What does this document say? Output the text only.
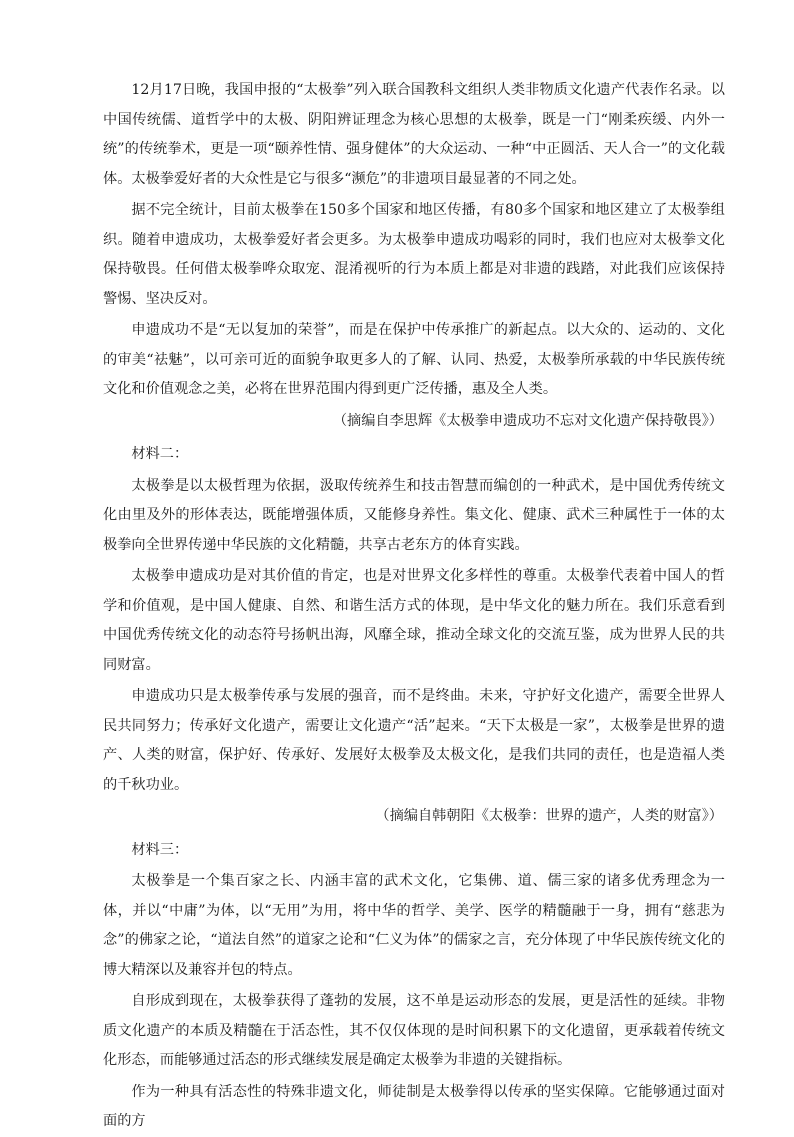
12月17日晚，我国申报的“太极拳”列入联合国教科文组织人类非物质文化遗产代表作名录。以中国传统儒、道哲学中的太极、阴阳辨证理念为核心思想的太极拳，既是一门“刚柔疾缓、内外一统”的传统拳术，更是一项“颐养性情、强身健体”的大众运动、一种“中正圆活、天人合一”的文化载体。太极拳爱好者的大众性是它与很多“濒危”的非遗项目最显著的不同之处。

据不完全统计，目前太极拳在150多个国家和地区传播，有80多个国家和地区建立了太极拳组织。随着申遗成功，太极拳爱好者会更多。为太极拳申遗成功喝彩的同时，我们也应对太极拳文化保持敬畏。任何借太极拳哗众取宠、混淆视听的行为本质上都是对非遗的践踏，对此我们应该保持警惕、坚决反对。

申遗成功不是“无以复加的荣誉”，而是在保护中传承推广的新起点。以大众的、运动的、文化的审美“祛魅”，以可亲可近的面貌争取更多人的了解、认同、热爱，太极拳所承载的中华民族传统文化和价值观念之美，必将在世界范围内得到更广泛传播，惠及全人类。

（摘编自李思辉《太极拳申遗成功不忘对文化遗产保持敬畏》）

材料二：

太极拳是以太极哲理为依据，汲取传统养生和技击智慧而编创的一种武术，是中国优秀传统文化由里及外的形体表达，既能增强体质，又能修身养性。集文化、健康、武术三种属性于一体的太极拳向全世界传递中华民族的文化精髓，共享古老东方的体育实践。

太极拳申遗成功是对其价值的肯定，也是对世界文化多样性的尊重。太极拳代表着中国人的哲学和价值观，是中国人健康、自然、和谐生活方式的体现，是中华文化的魅力所在。我们乐意看到中国优秀传统文化的动态符号扬帆出海，风靡全球，推动全球文化的交流互鉴，成为世界人民的共同财富。

申遗成功只是太极拳传承与发展的强音，而不是终曲。未来，守护好文化遗产，需要全世界人民共同努力；传承好文化遗产，需要让文化遗产“活”起来。“天下太极是一家”，太极拳是世界的遗产、人类的财富，保护好、传承好、发展好太极拳及太极文化，是我们共同的责任，也是造福人类的千秋功业。

（摘编自韩朝阳《太极拳：世界的遗产，人类的财富》）

材料三：

太极拳是一个集百家之长、内涵丰富的武术文化，它集佛、道、儒三家的诸多优秀理念为一体，并以“中庸”为体，以“无用”为用，将中华的哲学、美学、医学的精髓融于一身，拥有“慈悲为念”的佛家之论，“道法自然”的道家之论和“仁义为体”的儒家之言，充分体现了中华民族传统文化的博大精深以及兼容并包的特点。

自形成到现在，太极拳获得了蓬勃的发展，这不单是运动形态的发展，更是活性的延续。非物质文化遗产的本质及精髓在于活态性，其不仅仅体现的是时间积累下的文化遗留，更承载着传统文化形态，而能够通过活态的形式继续发展是确定太极拳为非遗的关键指标。

作为一种具有活态性的特殊非遗文化，师徒制是太极拳得以传承的坚实保障。它能够通过面对面的方
